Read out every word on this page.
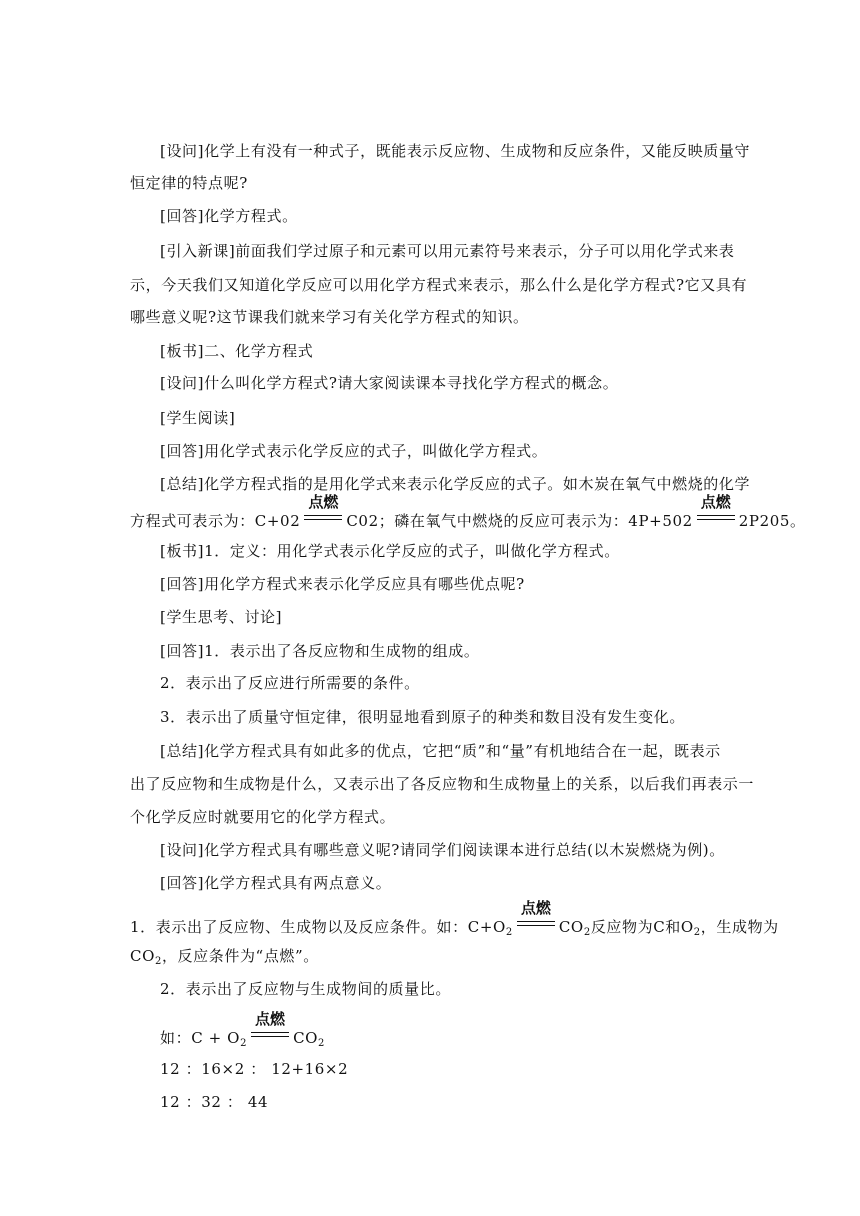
[设问]化学上有没有一种式子，既能表示反应物、生成物和反应条件，又能反映质量守
恒定律的特点呢?
[回答]化学方程式。
[引入新课]前面我们学过原子和元素可以用元素符号来表示，分子可以用化学式来表
示，今天我们又知道化学反应可以用化学方程式来表示，那么什么是化学方程式?它又具有
哪些意义呢?这节课我们就来学习有关化学方程式的知识。
[板书]二、化学方程式
[设问]什么叫化学方程式?请大家阅读课本寻找化学方程式的概念。
[学生阅读]
[回答]用化学式表示化学反应的式子，叫做化学方程式。
[总结]化学方程式指的是用化学式来表示化学反应的式子。如木炭在氧气中燃烧的化学
方程式可表示为：C+02
点燃
C02；磷在氧气中燃烧的反应可表示为：4P+502
点燃
2P205。
[板书]1．定义：用化学式表示化学反应的式子，叫做化学方程式。
[回答]用化学方程式来表示化学反应具有哪些优点呢?
[学生思考、讨论]
[回答]1．表示出了各反应物和生成物的组成。
2．表示出了反应进行所需要的条件。
3．表示出了质量守恒定律，很明显地看到原子的种类和数目没有发生变化。
[总结]化学方程式具有如此多的优点，它把“质”和“量”有机地结合在一起，既表示
出了反应物和生成物是什么，又表示出了各反应物和生成物量上的关系，以后我们再表示一
个化学反应时就要用它的化学方程式。
[设问]化学方程式具有哪些意义呢?请同学们阅读课本进行总结(以木炭燃烧为例)。
[回答]化学方程式具有两点意义。
1．表示出了反应物、生成物以及反应条件。如：$C+O_2$
点燃
$CO_2$反应物为C和$O_2$，生成物为
$CO_2$，反应条件为“点燃”。
2．表示出了反应物与生成物间的质量比。
如：$C + O_2$
点燃
$CO_2$
12 ：16×2 ： 12+16×2
12 ：32 ： 44
